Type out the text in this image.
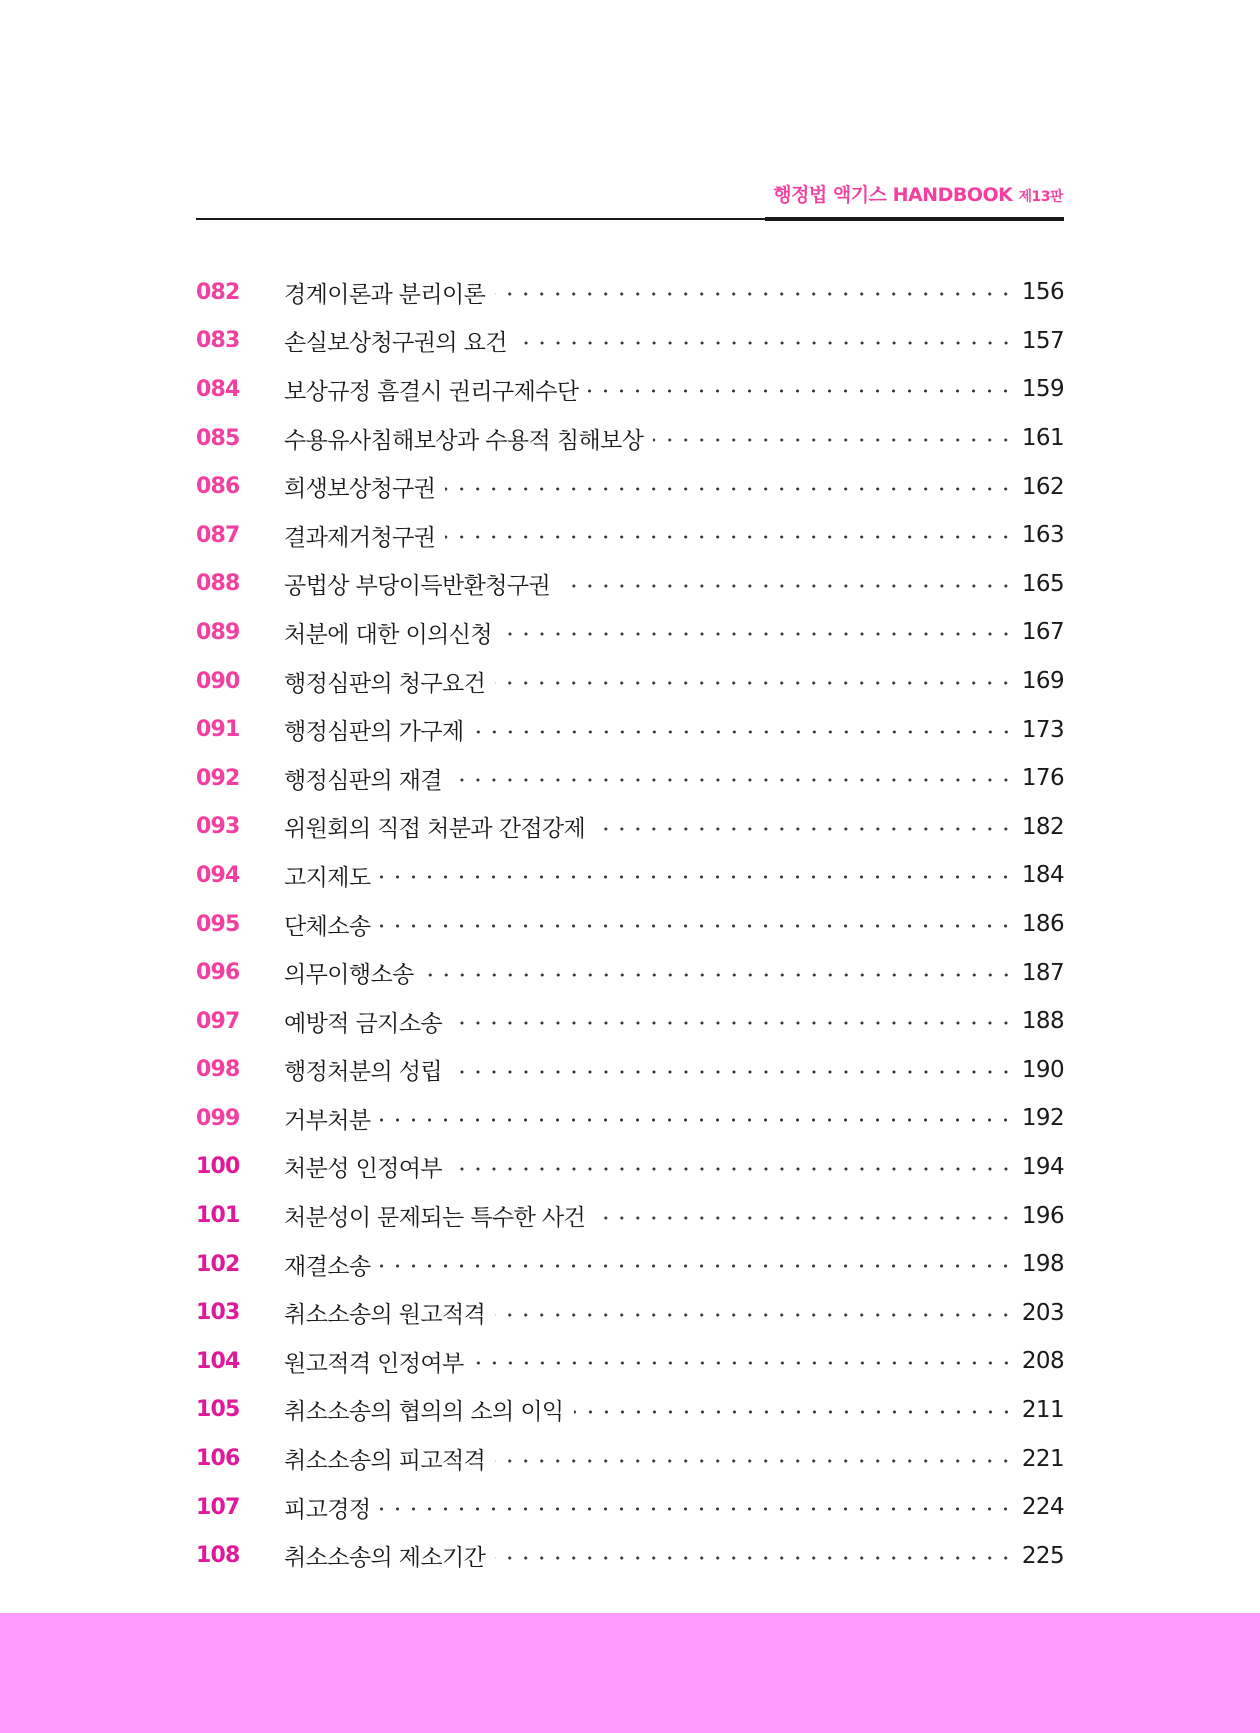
행정법 액기스 HANDBOOK 제13판
082	경계이론과 분리이론	156
083	손실보상청구권의 요건	157
084	보상규정 흠결시 권리구제수단	159
085	수용유사침해보상과 수용적 침해보상	161
086	희생보상청구권	162
087	결과제거청구권	163
088	공법상 부당이득반환청구권	165
089	처분에 대한 이의신청	167
090	행정심판의 청구요건	169
091	행정심판의 가구제	173
092	행정심판의 재결	176
093	위원회의 직접 처분과 간접강제	182
094	고지제도	184
095	단체소송	186
096	의무이행소송	187
097	예방적 금지소송	188
098	행정처분의 성립	190
099	거부처분	192
100	처분성 인정여부	194
101	처분성이 문제되는 특수한 사건	196
102	재결소송	198
103	취소소송의 원고적격	203
104	원고적격 인정여부	208
105	취소소송의 협의의 소의 이익	211
106	취소소송의 피고적격	221
107	피고경정	224
108	취소소송의 제소기간	225
